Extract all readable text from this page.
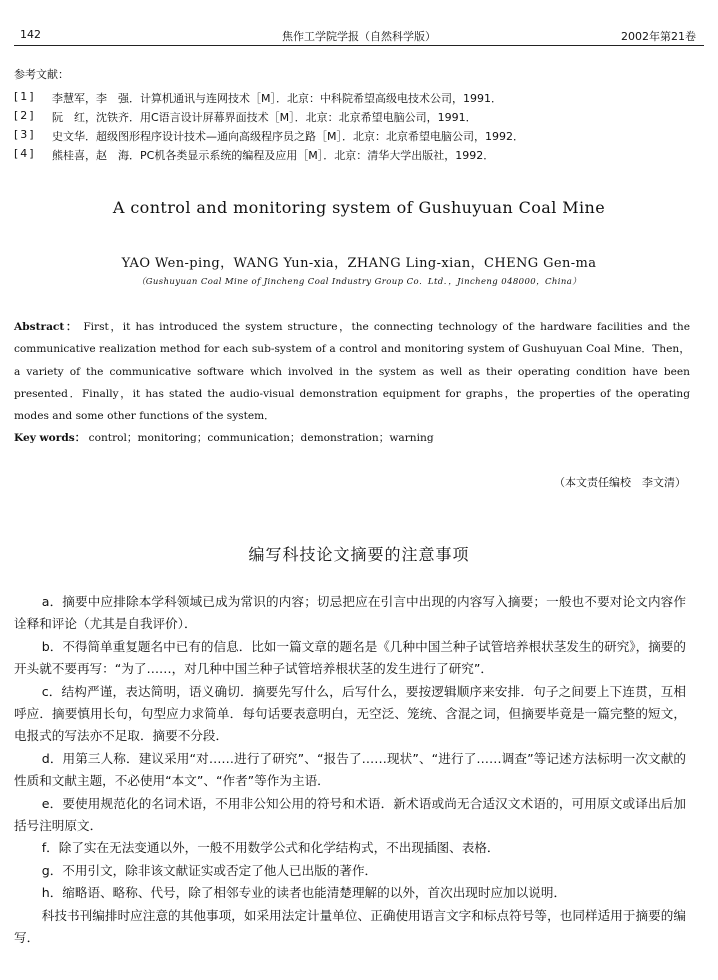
142	焦作工学院学报（自然科学版）	2002年第21卷
参考文献：
[1]	李慧军，李　强．计算机通讯与连网技术［M］．北京：中科院希望高级电技术公司，1991．
[2]	阮　红，沈铁齐．用C语言设计屏幕界面技术［M］．北京：北京希望电脑公司，1991．
[3]	史文华．超级图形程序设计技术—通向高级程序员之路［M］．北京：北京希望电脑公司，1992．
[4]	熊桂喜，赵　海．PC机各类显示系统的编程及应用［M］．北京：清华大学出版社，1992．
A control and monitoring system of Gushuyuan Coal Mine
YAO Wen-ping，WANG Yun-xia，ZHANG Ling-xian，CHENG Gen-ma
（Gushuyuan Coal Mine of Jincheng Coal Industry Group Co．Ltd．，Jincheng 048000，China）
Abstract： First，it has introduced the system structure，the connecting technology of the hardware facilities and the communicative realization method for each sub-system of a control and monitoring system of Gushuyuan Coal Mine．Then，a variety of the communicative software which involved in the system as well as their operating condition have been presented．Finally，it has stated the audio-visual demonstration equipment for graphs，the properties of the operating modes and some other functions of the system．
Key words： control；monitoring；communication；demonstration；warning
（本文责任编校　李文清）
编写科技论文摘要的注意事项

a．摘要中应排除本学科领域已成为常识的内容；切忌把应在引言中出现的内容写入摘要；一般也不要对论文内容作诠释和评论（尤其是自我评价）．

b．不得简单重复题名中已有的信息．比如一篇文章的题名是《几种中国兰种子试管培养根状茎发生的研究》，摘要的开头就不要再写：“为了……，对几种中国兰种子试管培养根状茎的发生进行了研究”．

c．结构严谨，表达简明，语义确切．摘要先写什么，后写什么，要按逻辑顺序来安排．句子之间要上下连贯，互相呼应．摘要慎用长句，句型应力求简单．每句话要表意明白，无空泛、笼统、含混之词，但摘要毕竟是一篇完整的短文，电报式的写法亦不足取．摘要不分段．

d．用第三人称．建议采用“对……进行了研究”、“报告了……现状”、“进行了……调查”等记述方法标明一次文献的性质和文献主题，不必使用“本文”、“作者”等作为主语．

e．要使用规范化的名词术语，不用非公知公用的符号和术语．新术语或尚无合适汉文术语的，可用原文或译出后加括号注明原文．

f．除了实在无法变通以外，一般不用数学公式和化学结构式，不出现插图、表格．

g．不用引文，除非该文献证实或否定了他人已出版的著作．

h．缩略语、略称、代号，除了相邻专业的读者也能清楚理解的以外，首次出现时应加以说明．

科技书刊编排时应注意的其他事项，如采用法定计量单位、正确使用语言文字和标点符号等，也同样适用于摘要的编写．
